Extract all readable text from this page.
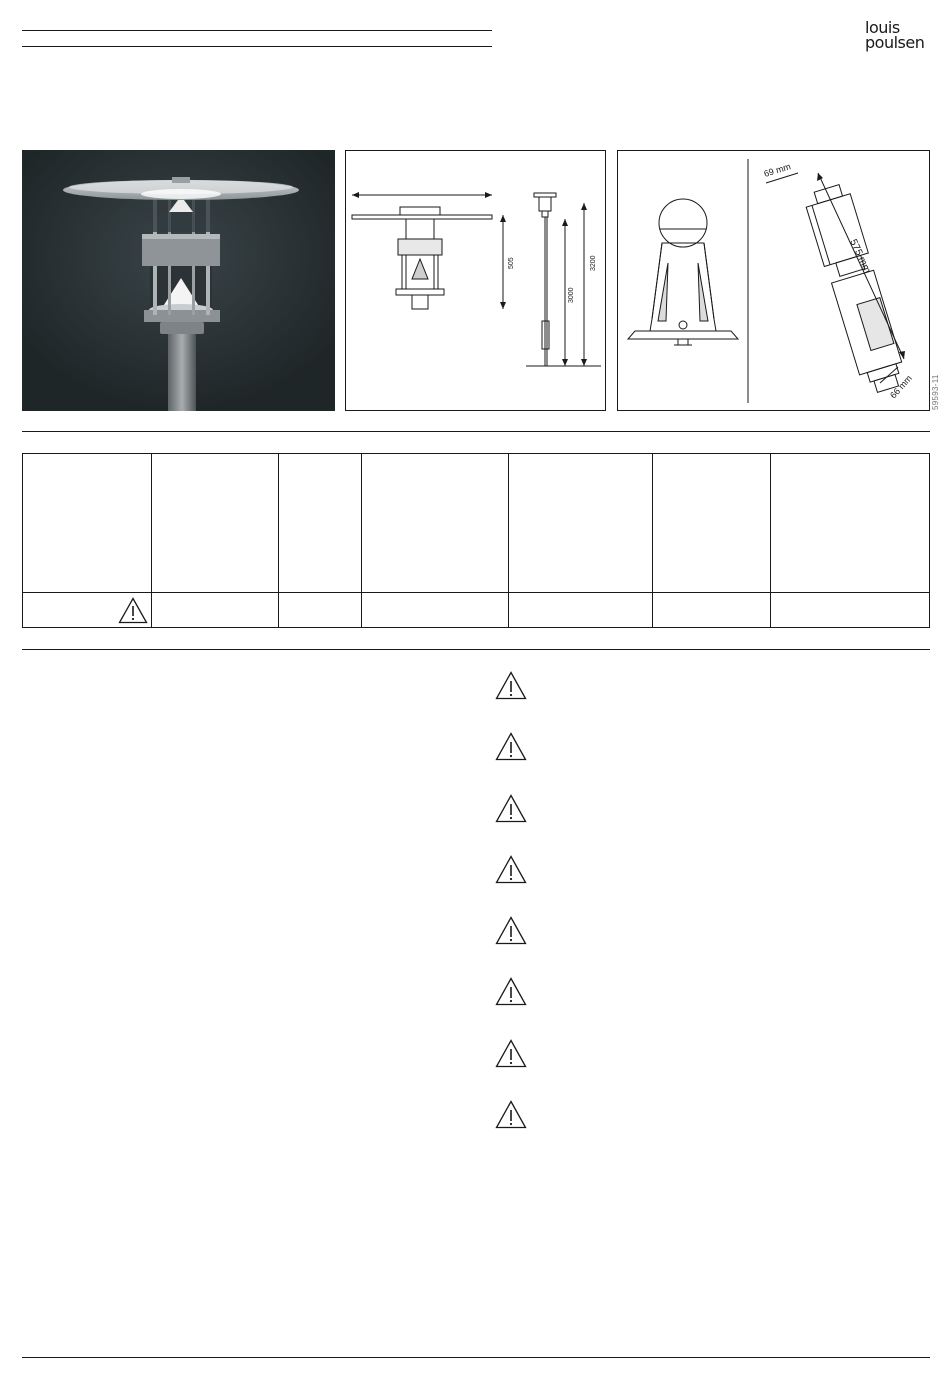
louis
poulsen
505
3000
3200
69 mm
575 mm
66 mm 59593-11
